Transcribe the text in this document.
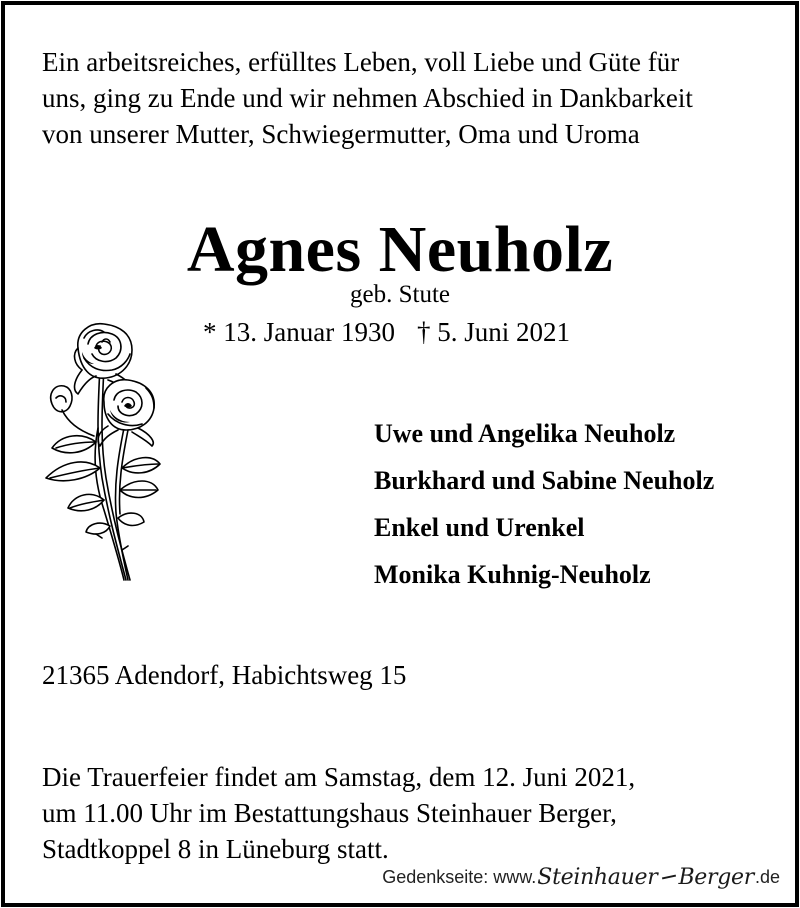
Ein arbeitsreiches, erfülltes Leben, voll Liebe und Güte für
uns, ging zu Ende und wir nehmen Abschied in Dankbarkeit
von unserer Mutter, Schwiegermutter, Oma und Uroma
Agnes Neuholz
geb. Stute
* 13. Januar 1930 † 5. Juni 2021
Uwe und Angelika Neuholz
Burkhard und Sabine Neuholz
Enkel und Urenkel
Monika Kuhnig-Neuholz
21365 Adendorf, Habichtsweg 15
Die Trauerfeier findet am Samstag, dem 12. Juni 2021,
um 11.00 Uhr im Bestattungshaus Steinhauer Berger,
Stadtkoppel 8 in Lüneburg statt.
Gedenkseite: www. Steinhauer Berger .de
